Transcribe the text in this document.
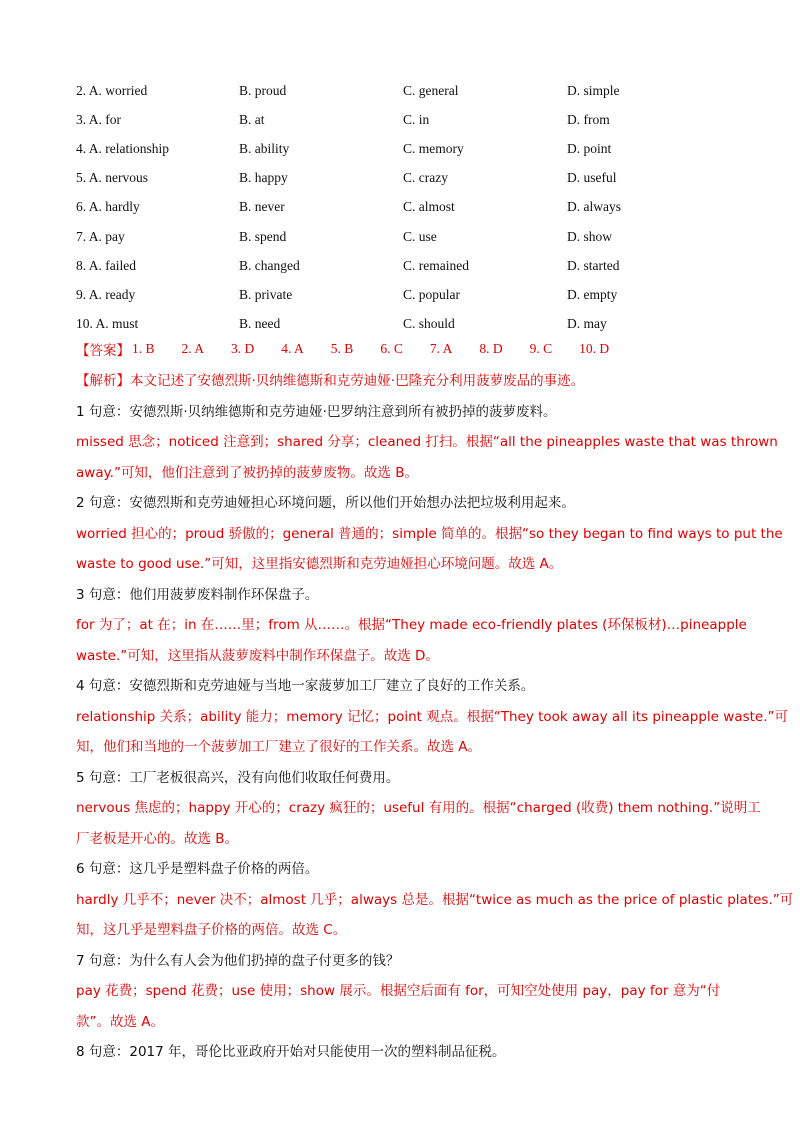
2. A. worried	B. proud	C. general	D. simple
3. A. for	B. at	C. in	D. from
4. A. relationship	B. ability	C. memory	D. point
5. A. nervous	B. happy	C. crazy	D. useful
6. A. hardly	B. never	C. almost	D. always
7. A. pay	B. spend	C. use	D. show
8. A. failed	B. changed	C. remained	D. started
9. A. ready	B. private	C. popular	D. empty
10. A. must	B. need	C. should	D. may
【答案】 1. B 2. A 3. D 4. A 5. B 6. C 7. A 8. D 9. C 10. D
【解析】本文记述了安德烈斯·贝纳维德斯和克劳迪娅·巴隆充分利用菠萝废品的事迹。
1 句意：安德烈斯·贝纳维德斯和克劳迪娅·巴罗纳注意到所有被扔掉的菠萝废料。
missed 思念；noticed 注意到；shared 分享；cleaned 打扫。根据“all the pineapples waste that was thrown
away.”可知，他们注意到了被扔掉的菠萝废物。故选 B。
2 句意：安德烈斯和克劳迪娅担心环境问题，所以他们开始想办法把垃圾利用起来。
worried 担心的；proud 骄傲的；general 普通的；simple 简单的。根据“so they began to find ways to put the
waste to good use.”可知，这里指安德烈斯和克劳迪娅担心环境问题。故选 A。
3 句意：他们用菠萝废料制作环保盘子。
for 为了；at 在；in 在……里；from 从……。根据“They made eco-friendly plates (环保板材)…pineapple
waste.”可知，这里指从菠萝废料中制作环保盘子。故选 D。
4 句意：安德烈斯和克劳迪娅与当地一家菠萝加工厂建立了良好的工作关系。
relationship 关系；ability 能力；memory 记忆；point 观点。根据“They took away all its pineapple waste.”可
知，他们和当地的一个菠萝加工厂建立了很好的工作关系。故选 A。
5 句意：工厂老板很高兴，没有向他们收取任何费用。
nervous 焦虑的；happy 开心的；crazy 疯狂的；useful 有用的。根据“charged (收费) them nothing.”说明工
厂老板是开心的。故选 B。
6 句意：这几乎是塑料盘子价格的两倍。
hardly 几乎不；never 决不；almost 几乎；always 总是。根据“twice as much as the price of plastic plates.”可
知，这几乎是塑料盘子价格的两倍。故选 C。
7 句意：为什么有人会为他们扔掉的盘子付更多的钱？
pay 花费；spend 花费；use 使用；show 展示。根据空后面有 for，可知空处使用 pay，pay for 意为“付
款”。故选 A。
8 句意：2017 年，哥伦比亚政府开始对只能使用一次的塑料制品征税。
